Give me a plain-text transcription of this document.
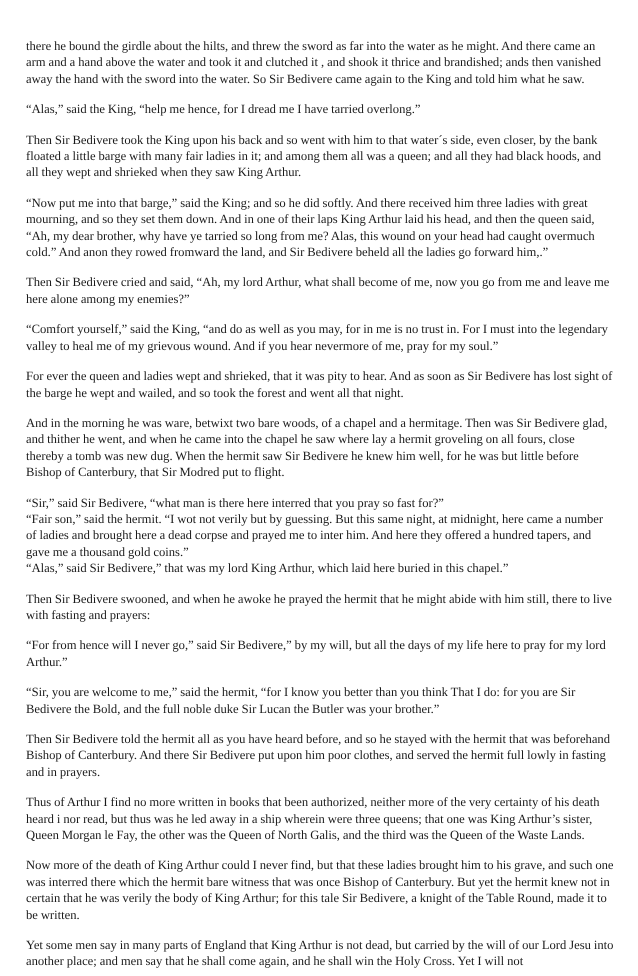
there he bound the girdle about the hilts, and threw the sword as far into the water as he might. And there came an arm and a hand above the water and took it and clutched it , and shook it thrice and brandished; ands then vanished away the hand with the sword into the water. So Sir Bedivere came again to the King and told him what he saw.

“Alas,” said the King, “help me hence, for I dread me I have tarried overlong.”

Then Sir Bedivere took the King upon his back and so went with him to that water´s side, even closer, by the bank floated a little barge with many fair ladies in it; and among them all was a queen; and all they had black hoods, and all they wept and shrieked when they saw King Arthur.

“Now put me into that barge,” said the King; and so he did softly. And there received him three ladies with great mourning, and so they set them down. And in one of their laps King Arthur laid his head, and then the queen said, “Ah, my dear brother, why have ye tarried so long from me? Alas, this wound on your head had caught overmuch cold.” And anon they rowed fromward the land, and Sir Bedivere beheld all the ladies go forward him,.”

Then Sir Bedivere cried and said, “Ah, my lord Arthur, what shall become of me, now you go from me and leave me here alone among my enemies?”

“Comfort yourself,” said the King, “and do as well as you may, for in me is no trust in. For I must into the legendary valley to heal me of my grievous wound. And if you hear nevermore of me, pray for my soul.”

For ever the queen and ladies wept and shrieked, that it was pity to hear. And as soon as Sir Bedivere has lost sight of the barge he wept and wailed, and so took the forest and went all that night.

And in the morning he was ware, betwixt two bare woods, of a chapel and a hermitage. Then was Sir Bedivere glad, and thither he went, and when he came into the chapel he saw where lay a hermit groveling on all fours, close thereby a tomb was new dug. When the hermit saw Sir Bedivere he knew him well, for he was but little before Bishop of Canterbury, that Sir Modred put to flight.

“Sir,” said Sir Bedivere, “what man is there here interred that you pray so fast for?”
“Fair son,” said the hermit. “I wot not verily but by guessing. But this same night, at midnight, here came a number of ladies and brought here a dead corpse and prayed me to inter him. And here they offered a hundred tapers, and gave me a thousand gold coins.”
“Alas,” said Sir Bedivere,” that was my lord King Arthur, which laid here buried in this chapel.”

Then Sir Bedivere swooned, and when he awoke he prayed the hermit that he might abide with him still, there to live with fasting and prayers:

“For from hence will I never go,” said Sir Bedivere,” by my will, but all the days of my life here to pray for my lord Arthur.”

“Sir, you are welcome to me,” said the hermit, “for I know you better than you think That I do: for you are Sir Bedivere the Bold, and the full noble duke Sir Lucan the Butler was your brother.”

Then Sir Bedivere told the hermit all as you have heard before, and so he stayed with the hermit that was beforehand Bishop of Canterbury. And there Sir Bedivere put upon him poor clothes, and served the hermit full lowly in fasting and in prayers.

Thus of Arthur I find no more written in books that been authorized, neither more of the very certainty of his death heard i nor read, but thus was he led away in a ship wherein were three queens; that one was King Arthur’s sister, Queen Morgan le Fay, the other was the Queen of North Galis, and the third was the Queen of the Waste Lands.

Now more of the death of King Arthur could I never find, but that these ladies brought him to his grave, and such one was interred there which the hermit bare witness that was once Bishop of Canterbury. But yet the hermit knew not in certain that he was verily the body of King Arthur; for this tale Sir Bedivere, a knight of the Table Round, made it to be written.

Yet some men say in many parts of England that King Arthur is not dead, but carried by the will of our Lord Jesu into another place; and men say that he shall come again, and he shall win the Holy Cross. Yet I will not
